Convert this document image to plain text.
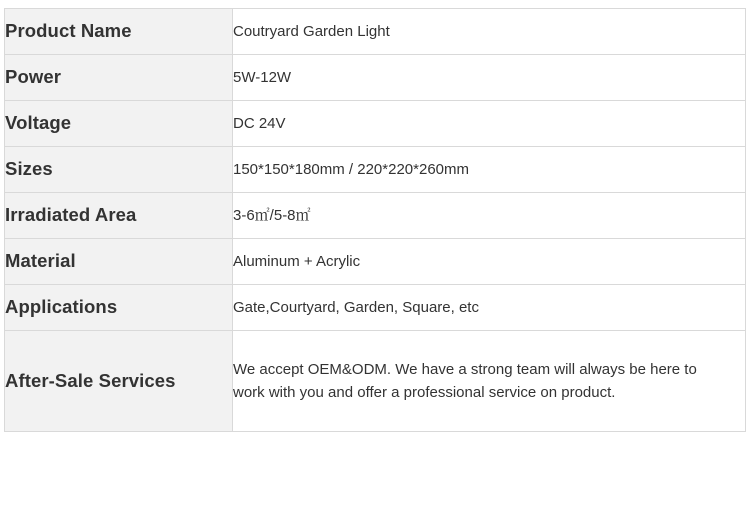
Product Name	Coutryard Garden Light
Power	5W-12W
Voltage	DC 24V
Sizes	150*150*180mm / 220*220*260mm
Irradiated Area	3-6㎡/5-8㎡
Material	Aluminum + Acrylic
Applications	Gate,Courtyard, Garden, Square, etc
After-Sale Services	We accept OEM&ODM. We have a strong team will always be here to work with you and offer a professional service on product.
